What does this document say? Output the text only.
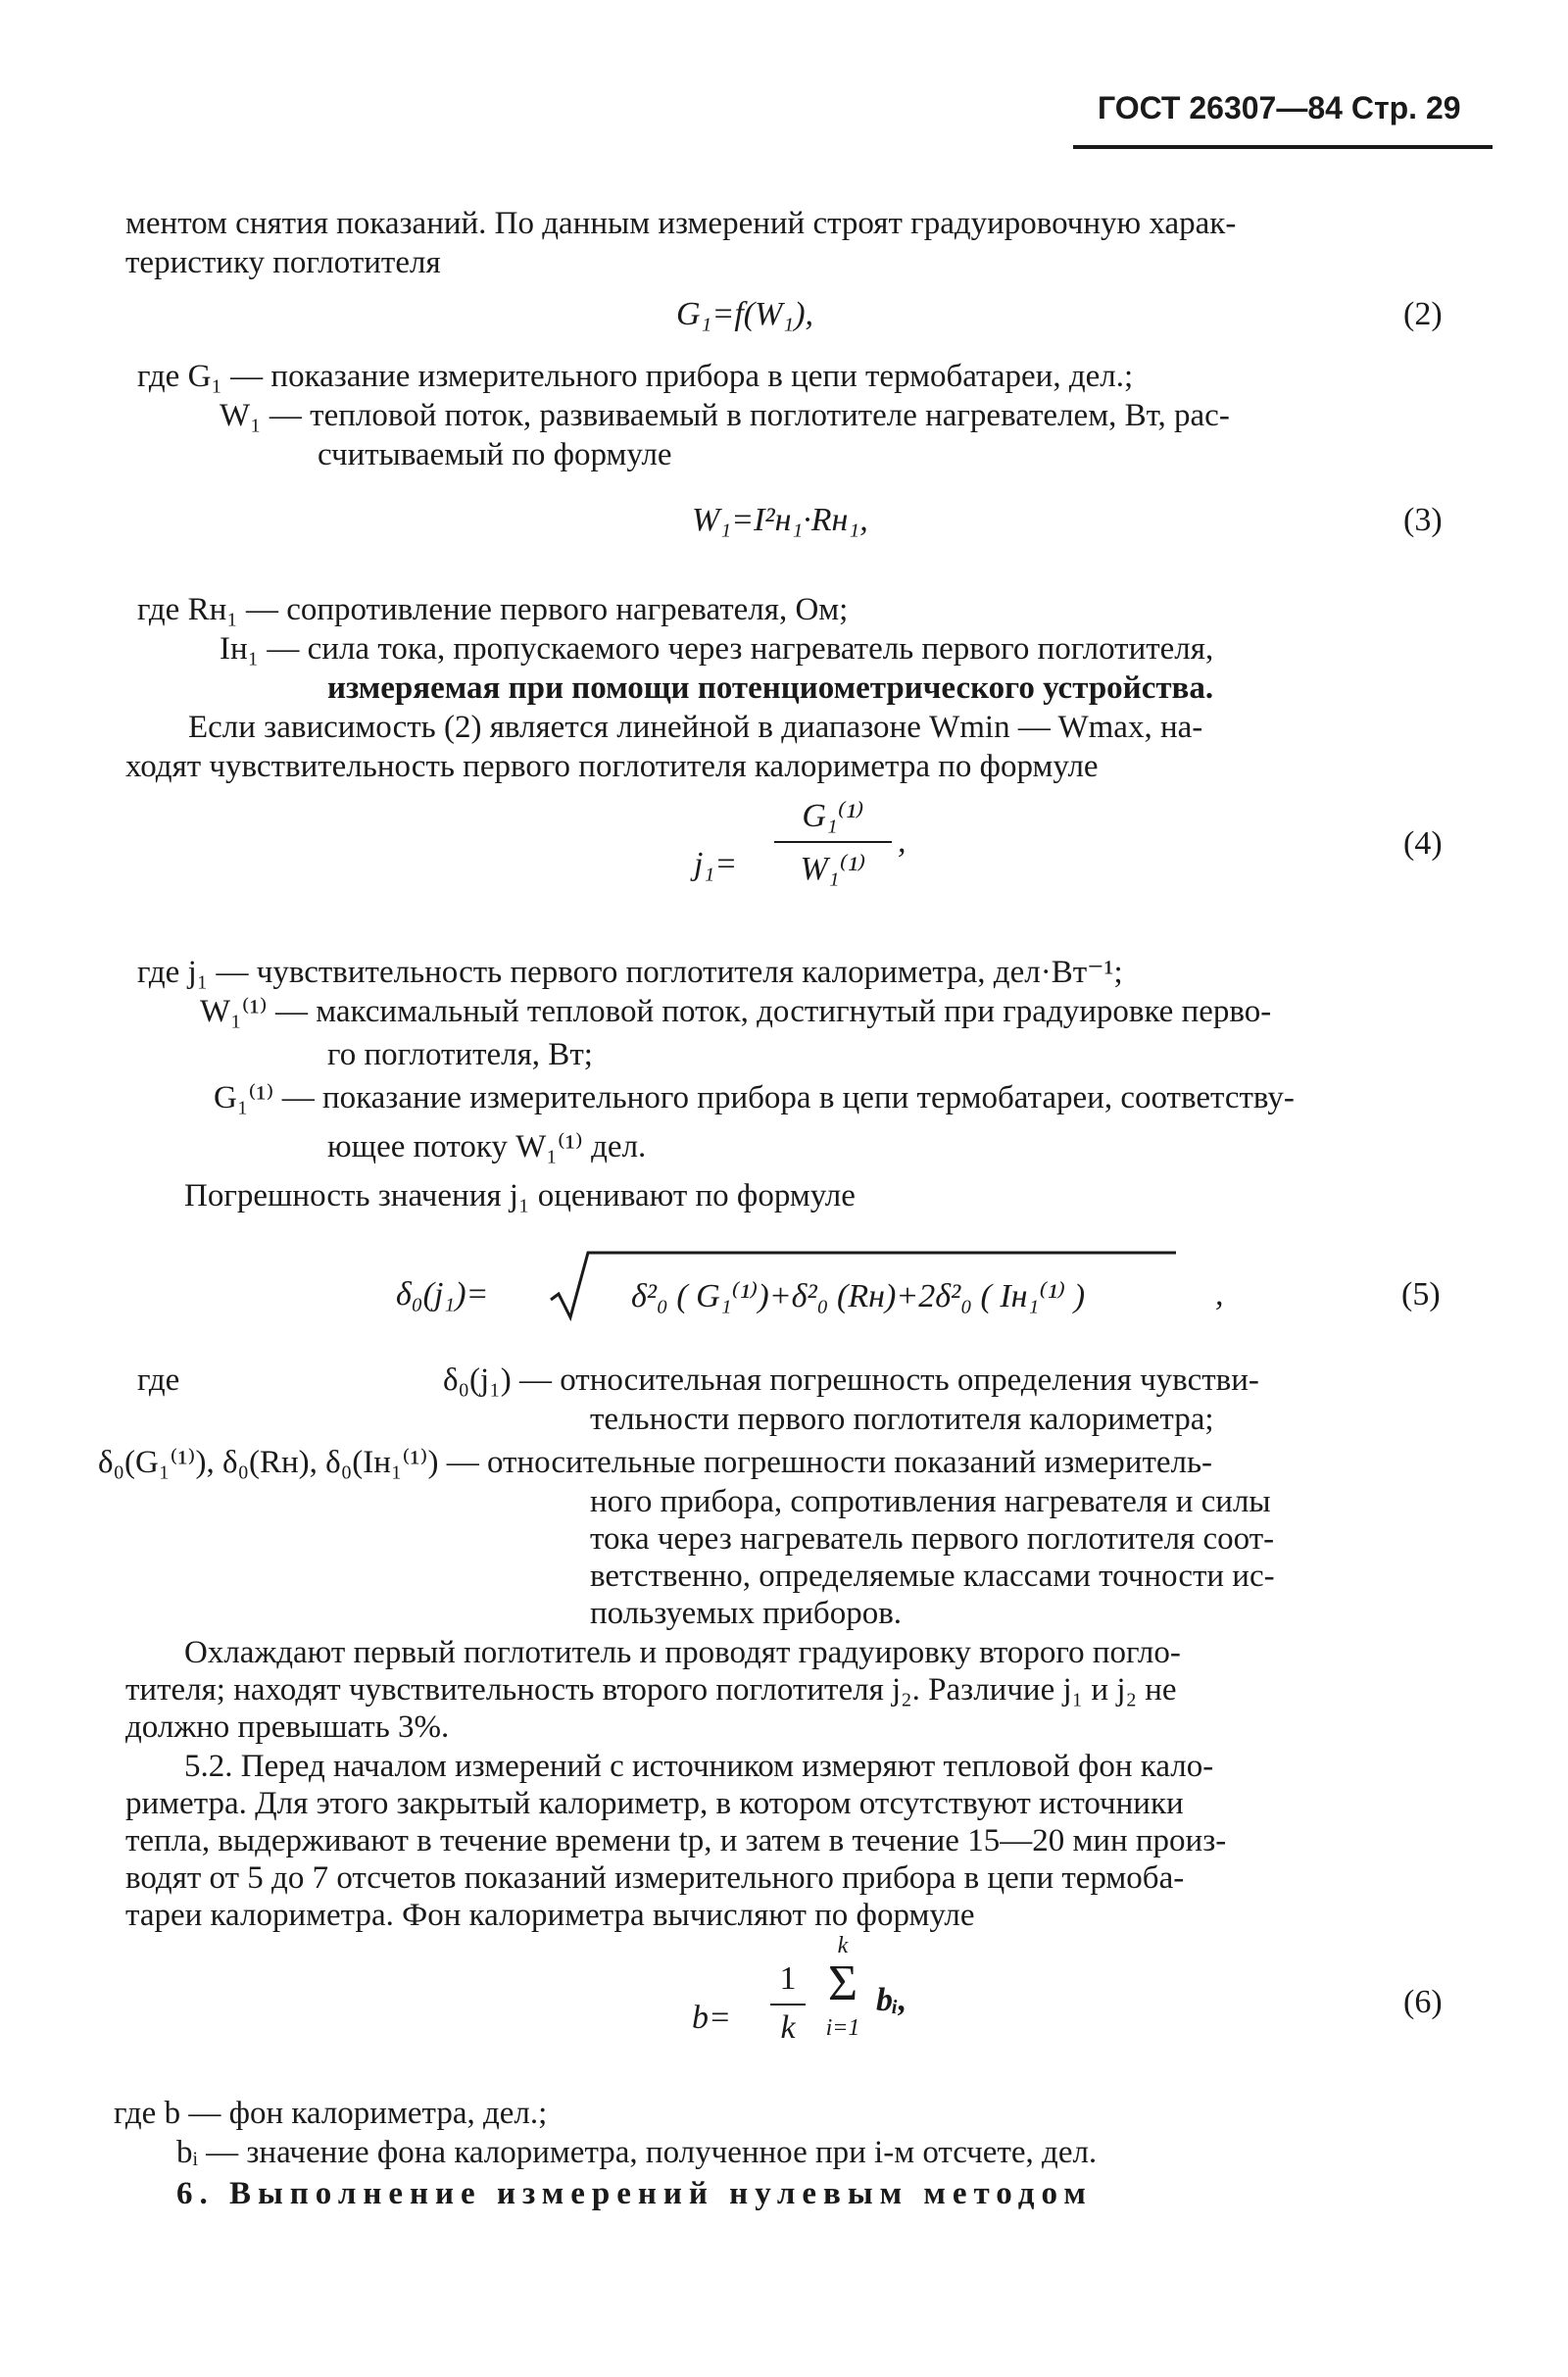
ГОСТ 26307—84 Стр. 29
ментом снятия показаний. По данным измерений строят градуировочную харак-
теристику поглотителя
G₁=f(W₁),	(2)
где G₁ — показание измерительного прибора в цепи термобатареи, дел.;
W₁ — тепловой поток, развиваемый в поглотителе нагревателем, Вт, рас-
считываемый по формуле
W₁=I²н₁·Rн₁,	(3)
где Rн₁ — сопротивление первого нагревателя, Ом;
Iн₁ — сила тока, пропускаемого через нагреватель первого поглотителя,
измеряемая при помощи потенциометрического устройства.
Если зависимость (2) является линейной в диапазоне Wmin — Wmax, на-
ходят чувствительность первого поглотителя калориметра по формуле
j₁=
G₁⁽¹⁾
W₁⁽¹⁾
,	(4)
где j₁ — чувствительность первого поглотителя калориметра, дел·Вт⁻¹;
W₁⁽¹⁾ — максимальный тепловой поток, достигнутый при градуировке перво-
го поглотителя, Вт;
G₁⁽¹⁾ — показание измерительного прибора в цепи термобатареи, соответству-
ющее потоку W₁⁽¹⁾ дел.
Погрешность значения j₁ оценивают по формуле
δ₀(j₁)=	δ²₀ ( G₁⁽¹⁾)+δ²₀ (Rн)+2δ²₀ ( Iн₁⁽¹⁾ )	,	(5)
где	δ₀(j₁) — относительная погрешность определения чувстви-
тельности первого поглотителя калориметра;
δ₀(G₁⁽¹⁾), δ₀(Rн), δ₀(Iн₁⁽¹⁾) — относительные погрешности показаний измеритель-
ного прибора, сопротивления нагревателя и силы
тока через нагреватель первого поглотителя соот-
ветственно, определяемые классами точности ис-
пользуемых приборов.
Охлаждают первый поглотитель и проводят градуировку второго погло-
тителя; находят чувствительность второго поглотителя j₂. Различие j₁ и j₂ не
должно превышать 3%.
5.2. Перед началом измерений с источником измеряют тепловой фон кало-
риметра. Для этого закрытый калориметр, в котором отсутствуют источники
тепла, выдерживают в течение времени tр, и затем в течение 15—20 мин произ-
водят от 5 до 7 отсчетов показаний измерительного прибора в цепи термоба-
тареи калориметра. Фон калориметра вычисляют по формуле
b=
1
k
k
Σ
i=1
bᵢ,	(6)
где b — фон калориметра, дел.;
bᵢ — значение фона калориметра, полученное при i-м отсчете, дел.
6. Выполнение измерений нулевым методом
